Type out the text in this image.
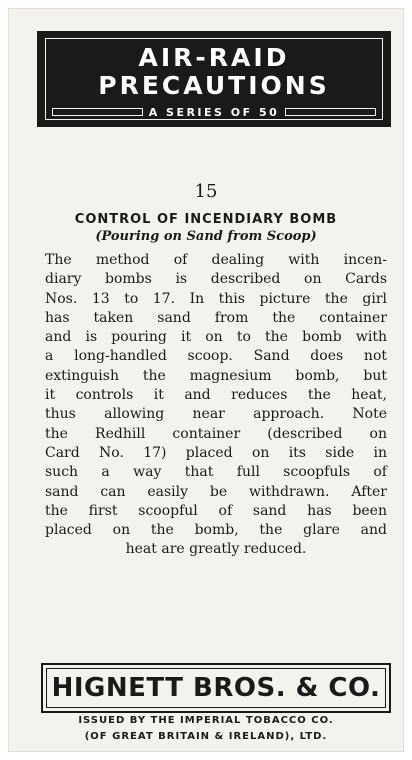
AIR-RAID
PRECAUTIONS
A SERIES OF 50
15
CONTROL OF INCENDIARY BOMB
(Pouring on Sand from Scoop)
The method of dealing with incen-
diary bombs is described on Cards
Nos. 13 to 17. In this picture the girl
has taken sand from the container
and is pouring it on to the bomb with
a long-handled scoop. Sand does not
extinguish the magnesium bomb, but
it controls it and reduces the heat,
thus allowing near approach. Note
the Redhill container (described on
Card No. 17) placed on its side in
such a way that full scoopfuls of
sand can easily be withdrawn. After
the first scoopful of sand has been
placed on the bomb, the glare and
heat are greatly reduced.
HIGNETT BROS. & CO.
ISSUED BY THE IMPERIAL TOBACCO CO.
(OF GREAT BRITAIN & IRELAND), LTD.
